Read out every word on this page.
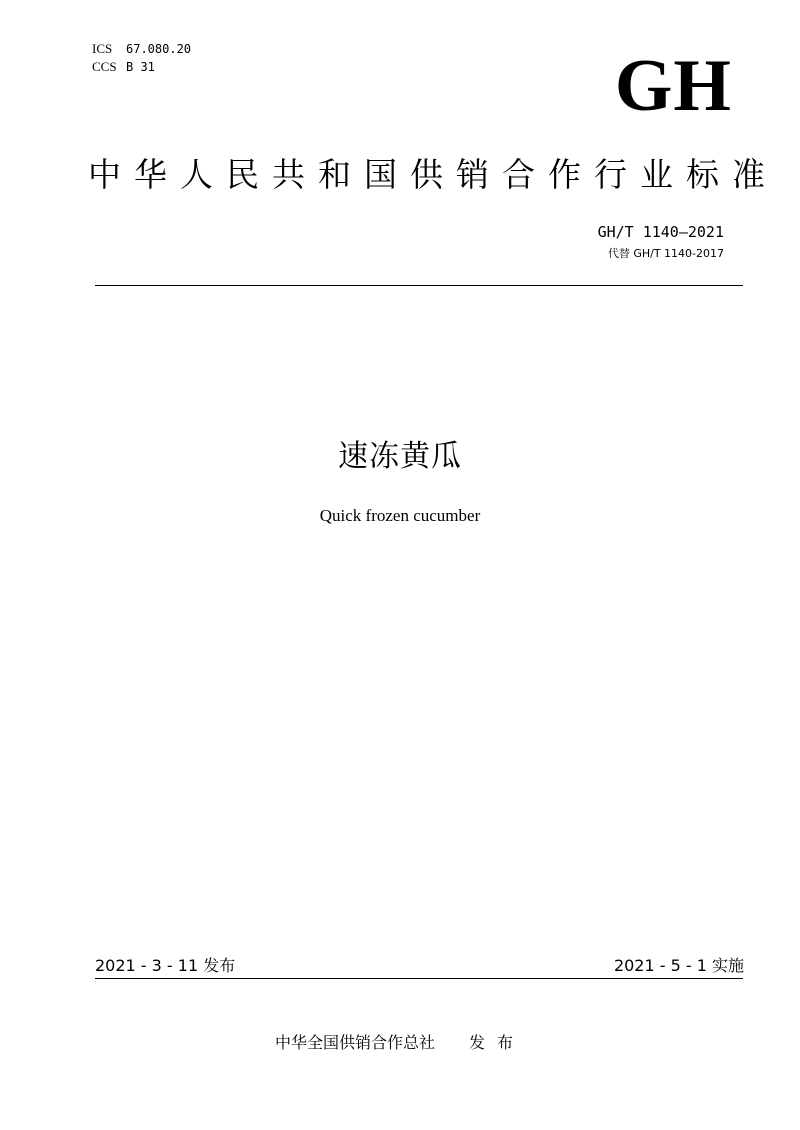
ICS 67.080.20
CCS B 31	GH
中华人民共和国供销合作行业标准
GH/T 1140—2021
代替 GH/T 1140-2017
速冻黄瓜
Quick frozen cucumber
2021 - 3 - 11 发布	2021 - 5 - 1 实施
中华全国供销合作总社 发布
